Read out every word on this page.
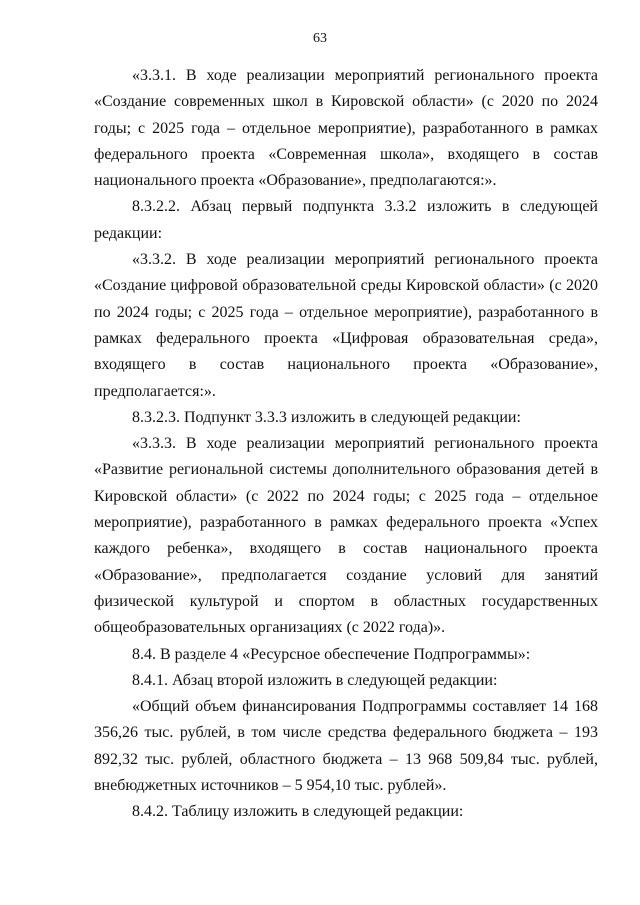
63

«3.3.1. В ходе реализации мероприятий регионального проекта «Создание современных школ в Кировской области» (с 2020 по 2024 годы; с 2025 года – отдельное мероприятие), разработанного в рамках федерального проекта «Современная школа», входящего в состав национального проекта «Образование», предполагаются:».

8.3.2.2. Абзац первый подпункта 3.3.2 изложить в следующей редакции:

«3.3.2. В ходе реализации мероприятий регионального проекта «Создание цифровой образовательной среды Кировской области» (с 2020 по 2024 годы; с 2025 года – отдельное мероприятие), разработанного в рамках федерального проекта «Цифровая образовательная среда», входящего в состав национального проекта «Образование», предполагается:».

8.3.2.3. Подпункт 3.3.3 изложить в следующей редакции:

«3.3.3. В ходе реализации мероприятий регионального проекта «Развитие региональной системы дополнительного образования детей в Кировской области» (с 2022 по 2024 годы; с 2025 года – отдельное мероприятие), разработанного в рамках федерального проекта «Успех каждого ребенка», входящего в состав национального проекта «Образование», предполагается создание условий для занятий физической культурой и спортом в областных государственных общеобразовательных организациях (с 2022 года)».

8.4. В разделе 4 «Ресурсное обеспечение Подпрограммы»:

8.4.1. Абзац второй изложить в следующей редакции:

«Общий объем финансирования Подпрограммы составляет 14 168 356,26 тыс. рублей, в том числе средства федерального бюджета – 193 892,32 тыс. рублей, областного бюджета – 13 968 509,84 тыс. рублей, внебюджетных источников – 5 954,10 тыс. рублей».

8.4.2. Таблицу изложить в следующей редакции:
